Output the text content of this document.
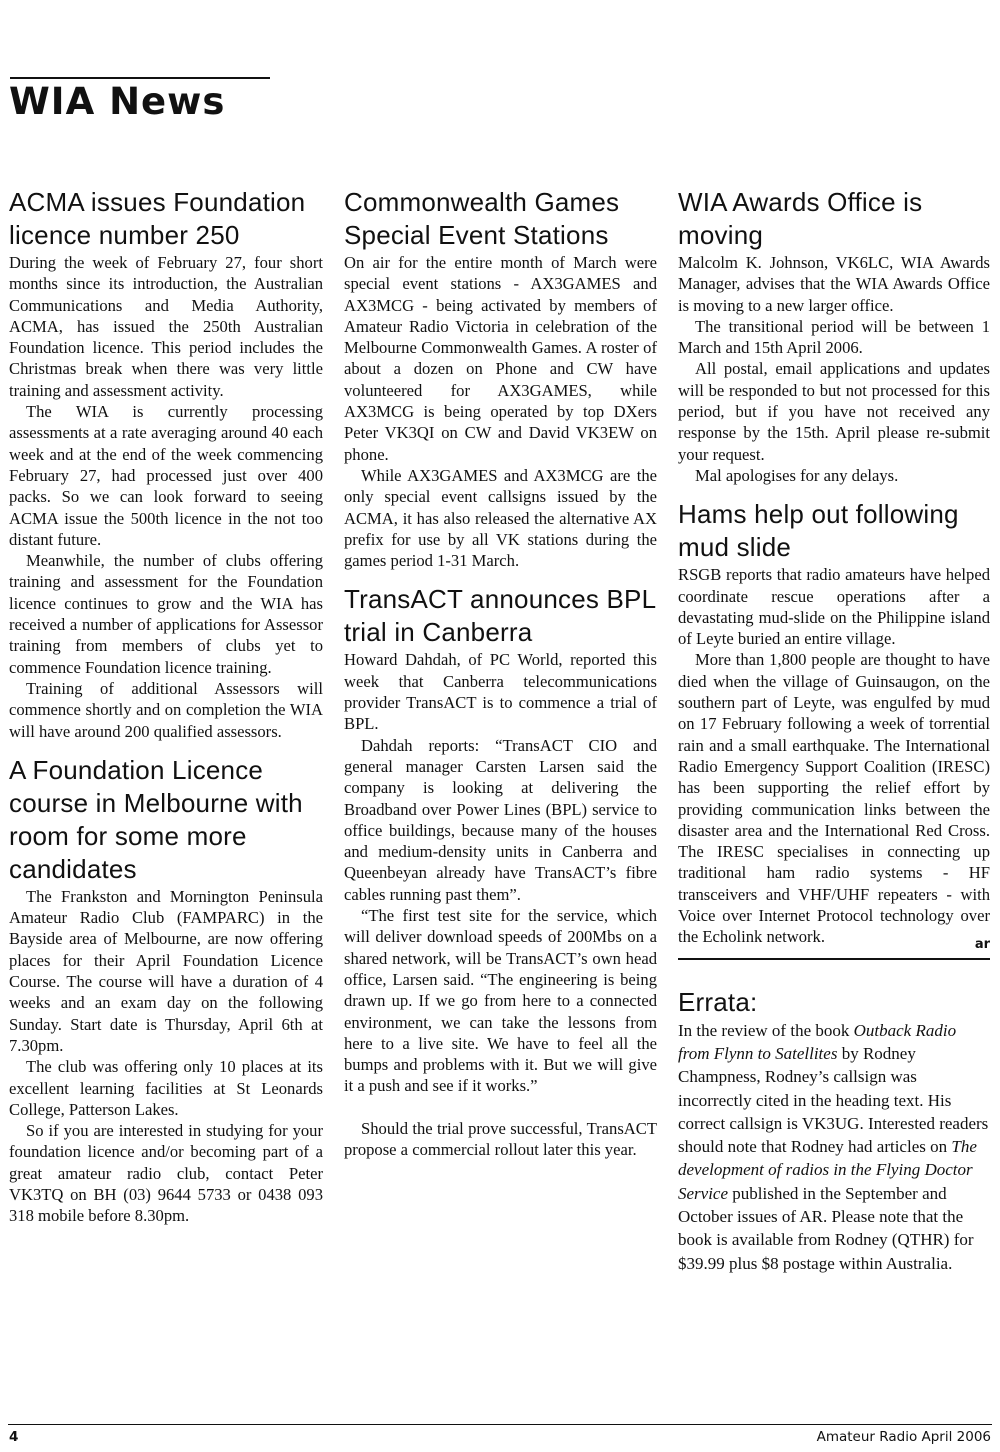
WIA News
ACMA issues Foundation licence number 250

During the week of February 27, four short months since its introduction, the Australian Communications and Media Authority, ACMA, has issued the 250th Australian Foundation licence. This period includes the Christmas break when there was very little training and assessment activity.

The WIA is currently processing assessments at a rate averaging around 40 each week and at the end of the week commencing February 27, had processed just over 400 packs. So we can look forward to seeing ACMA issue the 500th licence in the not too distant future.

Meanwhile, the number of clubs offering training and assessment for the Foundation licence continues to grow and the WIA has received a number of applications for Assessor training from members of clubs yet to commence Foundation licence training.

Training of additional Assessors will commence shortly and on completion the WIA will have around 200 qualified assessors.

A Foundation Licence course in Melbourne with room for some more candidates

The Frankston and Mornington Peninsula Amateur Radio Club (FAMPARC) in the Bayside area of Melbourne, are now offering places for their April Foundation Licence Course. The course will have a duration of 4 weeks and an exam day on the following Sunday. Start date is Thursday, April 6th at 7.30pm.

The club was offering only 10 places at its excellent learning facilities at St Leonards College, Patterson Lakes.

So if you are interested in studying for your foundation licence and/or becoming part of a great amateur radio club, contact Peter VK3TQ on BH (03) 9644 5733 or 0438 093 318 mobile before 8.30pm.

Commonwealth Games Special Event Stations

On air for the entire month of March were special event stations - AX3GAMES and AX3MCG - being activated by members of Amateur Radio Victoria in celebration of the Melbourne Commonwealth Games. A roster of about a dozen on Phone and CW have volunteered for AX3GAMES, while AX3MCG is being operated by top DXers Peter VK3QI on CW and David VK3EW on phone.

While AX3GAMES and AX3MCG are the only special event callsigns issued by the ACMA, it has also released the alternative AX prefix for use by all VK stations during the games period 1-31 March.

TransACT announces BPL trial in Canberra

Howard Dahdah, of PC World, reported this week that Canberra telecommunications provider TransACT is to commence a trial of BPL.

Dahdah reports: “TransACT CIO and general manager Carsten Larsen said the company is looking at delivering the Broadband over Power Lines (BPL) service to office buildings, because many of the houses and medium-density units in Canberra and Queenbeyan already have TransACT’s fibre cables running past them”.

“The first test site for the service, which will deliver download speeds of 200Mbs on a shared network, will be TransACT’s own head office, Larsen said. “The engineering is being drawn up. If we go from here to a connected environment, we can take the lessons from here to a live site. We have to feel all the bumps and problems with it. But we will give it a push and see if it works.”

Should the trial prove successful, TransACT propose a commercial rollout later this year.

WIA Awards Office is moving

Malcolm K. Johnson, VK6LC, WIA Awards Manager, advises that the WIA Awards Office is moving to a new larger office.

The transitional period will be between 1 March and 15th April 2006.

All postal, email applications and updates will be responded to but not processed for this period, but if you have not received any response by the 15th. April please re-submit your request.

Mal apologises for any delays.

Hams help out following mud slide

RSGB reports that radio amateurs have helped coordinate rescue operations after a devastating mud-slide on the Philippine island of Leyte buried an entire village.

More than 1,800 people are thought to have died when the village of Guinsaugon, on the southern part of Leyte, was engulfed by mud on 17 February following a week of torrential rain and a small earthquake. The International Radio Emergency Support Coalition (IRESC) has been supporting the relief effort by providing communication links between the disaster area and the International Red Cross. The IRESC specialises in connecting up traditional ham radio systems - HF transceivers and VHF/UHF repeaters - with Voice over Internet Protocol technology over the Echolink network.	ar
Errata:

In the review of the book Outback Radio from Flynn to Satellites by Rodney Champness, Rodney’s callsign was incorrectly cited in the heading text. His correct callsign is VK3UG. Interested readers should note that Rodney had articles on The development of radios in the Flying Doctor Service published in the September and October issues of AR. Please note that the book is available from Rodney (QTHR) for $39.99 plus $8 postage within Australia.

4	Amateur Radio April 2006
